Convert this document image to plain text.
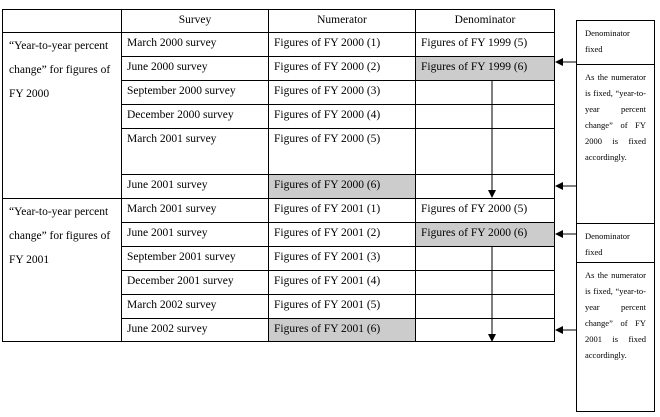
Survey	Numerator	Denominator
“Year-to-year percent change” for figures of FY 2000
March 2000 survey	Figures of FY 2000 (1)	Figures of FY 1999 (5)
June 2000 survey	Figures of FY 2000 (2)	Figures of FY 1999 (6)
September 2000 survey	Figures of FY 2000 (3)
December 2000 survey	Figures of FY 2000 (4)
March 2001 survey	Figures of FY 2000 (5)
June 2001 survey	Figures of FY 2000 (6)
“Year-to-year percent change” for figures of FY 2001
March 2001 survey	Figures of FY 2001 (1)	Figures of FY 2000 (5)
June 2001 survey	Figures of FY 2001 (2)	Figures of FY 2000 (6)
September 2001 survey	Figures of FY 2001 (3)
December 2001 survey	Figures of FY 2001 (4)
March 2002 survey	Figures of FY 2001 (5)
June 2002 survey	Figures of FY 2001 (6)
Denominator fixed
As the numerator is fixed, “year-to-year percent change” of FY 2000 is fixed accordingly.
Denominator fixed
As the numerator is fixed, “year-to-year percent change” of FY 2001 is fixed accordingly.
